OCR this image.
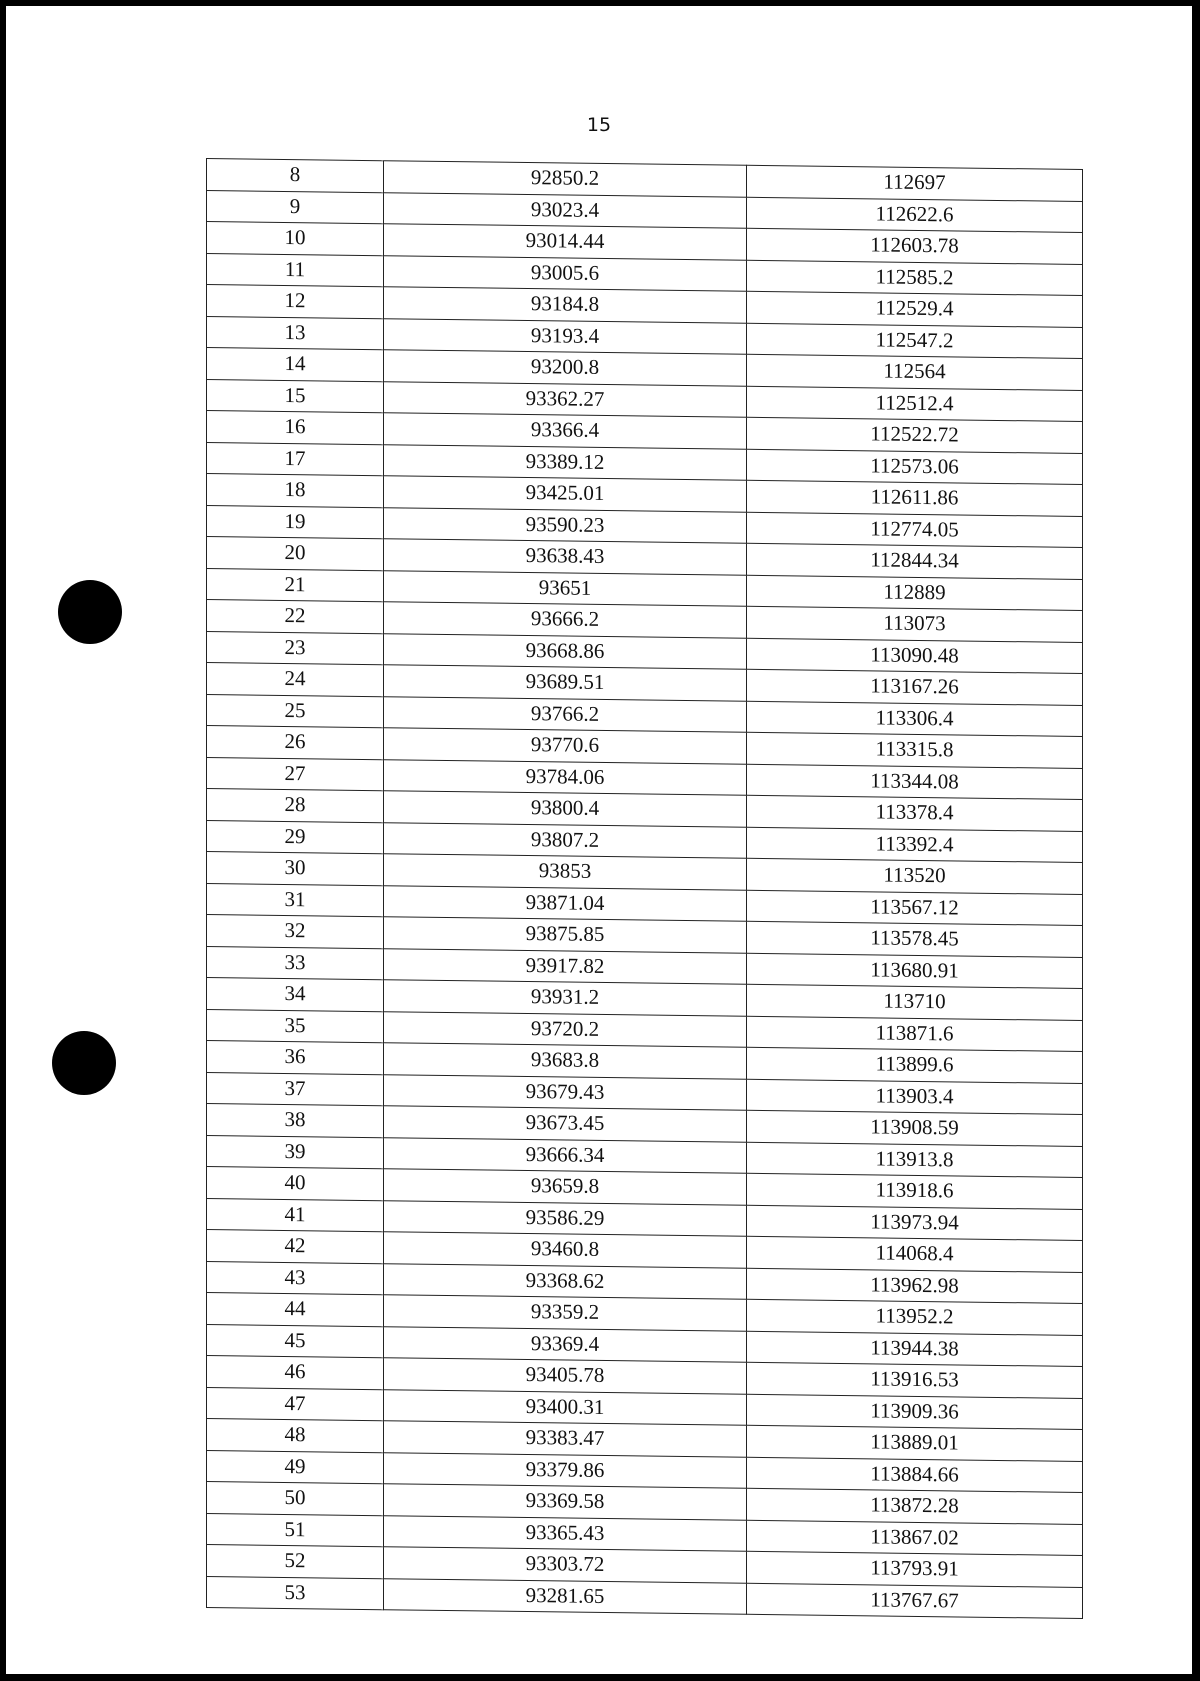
15
8	92850.2	112697
9	93023.4	112622.6
10	93014.44	112603.78
11	93005.6	112585.2
12	93184.8	112529.4
13	93193.4	112547.2
14	93200.8	112564
15	93362.27	112512.4
16	93366.4	112522.72
17	93389.12	112573.06
18	93425.01	112611.86
19	93590.23	112774.05
20	93638.43	112844.34
21	93651	112889
22	93666.2	113073
23	93668.86	113090.48
24	93689.51	113167.26
25	93766.2	113306.4
26	93770.6	113315.8
27	93784.06	113344.08
28	93800.4	113378.4
29	93807.2	113392.4
30	93853	113520
31	93871.04	113567.12
32	93875.85	113578.45
33	93917.82	113680.91
34	93931.2	113710
35	93720.2	113871.6
36	93683.8	113899.6
37	93679.43	113903.4
38	93673.45	113908.59
39	93666.34	113913.8
40	93659.8	113918.6
41	93586.29	113973.94
42	93460.8	114068.4
43	93368.62	113962.98
44	93359.2	113952.2
45	93369.4	113944.38
46	93405.78	113916.53
47	93400.31	113909.36
48	93383.47	113889.01
49	93379.86	113884.66
50	93369.58	113872.28
51	93365.43	113867.02
52	93303.72	113793.91
53	93281.65	113767.67
